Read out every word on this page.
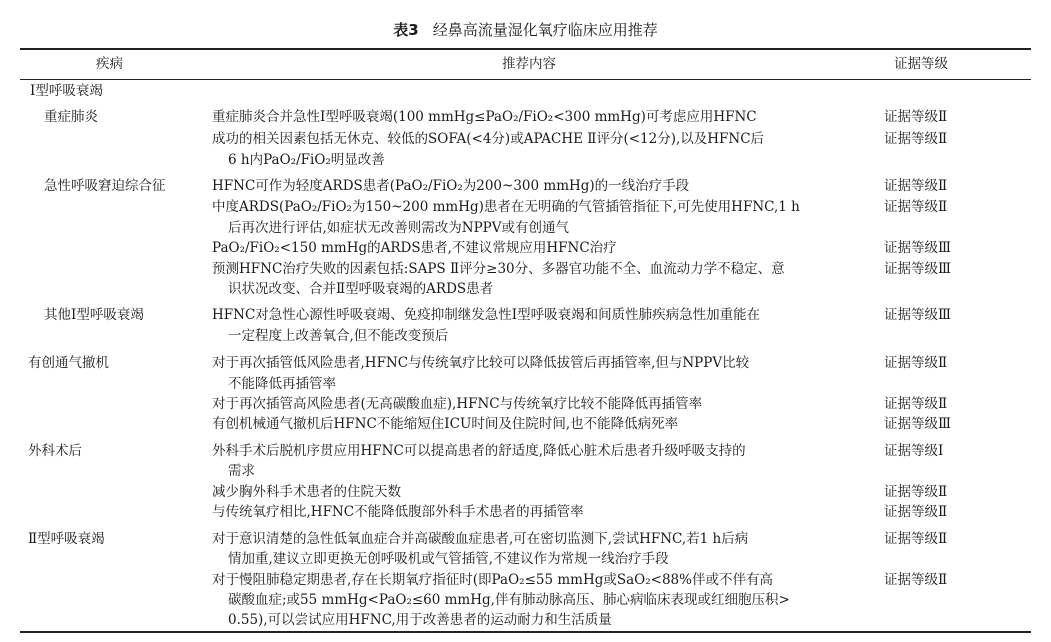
表3 经鼻高流量湿化氧疗临床应用推荐
疾病	推荐内容	证据等级
Ⅰ型呼吸衰竭
重症肺炎	重症肺炎合并急性Ⅰ型呼吸衰竭(100 mmHg≤PaO₂/FiO₂<300 mmHg)可考虑应用HFNC	证据等级Ⅱ
成功的相关因素包括无休克、较低的SOFA(<4分)或APACHE Ⅱ评分(<12分),以及HFNC后	证据等级Ⅱ
6 h内PaO₂/FiO₂明显改善
急性呼吸窘迫综合征	HFNC可作为轻度ARDS患者(PaO₂/FiO₂为200~300 mmHg)的一线治疗手段	证据等级Ⅱ
中度ARDS(PaO₂/FiO₂为150~200 mmHg)患者在无明确的气管插管指征下,可先使用HFNC,1 h	证据等级Ⅱ
后再次进行评估,如症状无改善则需改为NPPV或有创通气
PaO₂/FiO₂<150 mmHg的ARDS患者,不建议常规应用HFNC治疗	证据等级Ⅲ
预测HFNC治疗失败的因素包括:SAPS Ⅱ评分≥30分、多器官功能不全、血流动力学不稳定、意	证据等级Ⅲ
识状况改变、合并Ⅱ型呼吸衰竭的ARDS患者
其他Ⅰ型呼吸衰竭	HFNC对急性心源性呼吸衰竭、免疫抑制继发急性Ⅰ型呼吸衰竭和间质性肺疾病急性加重能在	证据等级Ⅲ
一定程度上改善氧合,但不能改变预后
有创通气撤机	对于再次插管低风险患者,HFNC与传统氧疗比较可以降低拔管后再插管率,但与NPPV比较	证据等级Ⅱ
不能降低再插管率
对于再次插管高风险患者(无高碳酸血症),HFNC与传统氧疗比较不能降低再插管率	证据等级Ⅱ
有创机械通气撤机后HFNC不能缩短住ICU时间及住院时间,也不能降低病死率	证据等级Ⅲ
外科术后	外科手术后脱机序贯应用HFNC可以提高患者的舒适度,降低心脏术后患者升级呼吸支持的	证据等级Ⅰ
需求
减少胸外科手术患者的住院天数	证据等级Ⅱ
与传统氧疗相比,HFNC不能降低腹部外科手术患者的再插管率	证据等级Ⅱ
Ⅱ型呼吸衰竭	对于意识清楚的急性低氧血症合并高碳酸血症患者,可在密切监测下,尝试HFNC,若1 h后病	证据等级Ⅱ
情加重,建议立即更换无创呼吸机或气管插管,不建议作为常规一线治疗手段
对于慢阻肺稳定期患者,存在长期氧疗指征时(即PaO₂≤55 mmHg或SaO₂<88%伴或不伴有高	证据等级Ⅱ
碳酸血症;或55 mmHg<PaO₂≤60 mmHg,伴有肺动脉高压、肺心病临床表现或红细胞压积>
0.55),可以尝试应用HFNC,用于改善患者的运动耐力和生活质量
